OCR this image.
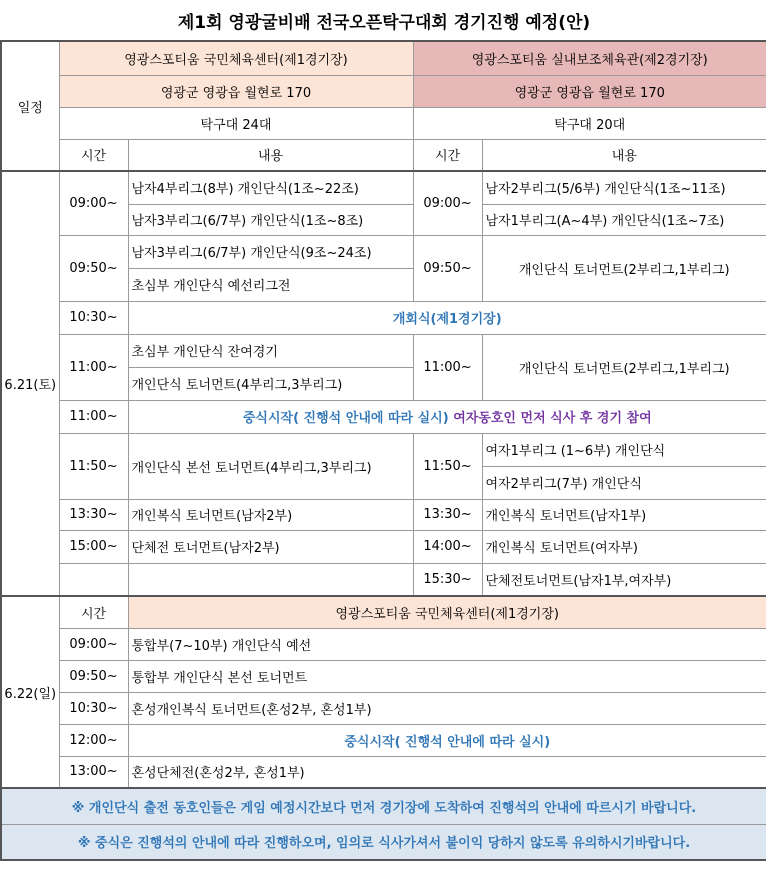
제1회 영광굴비배 전국오픈탁구대회 경기진행 예정(안)				
일정	영광스포티움 국민체육센터(제1경기장)		영광스포티움 실내보조체육관(제2경기장)	
	영광군 영광읍 월현로 170		영광군 영광읍 월현로 170	
	탁구대 24대		탁구대 20대	
	시간	내용	시간	내용
6.21(토)	09:00~	남자4부리그(8부) 개인단식(1조~22조)	09:00~	남자2부리그(5/6부) 개인단식(1조~11조)
		남자3부리그(6/7부) 개인단식(1조~8조)		남자1부리그(A~4부) 개인단식(1조~7조)
	09:50~	남자3부리그(6/7부) 개인단식(9조~24조)	09:50~	개인단식 토너먼트(2부리그,1부리그)
		초심부 개인단식 예선리그전		
	10:30~	개회식(제1경기장)		
	11:00~	초심부 개인단식 잔여경기	11:00~	개인단식 토너먼트(2부리그,1부리그)
		개인단식 토너먼트(4부리그,3부리그)		
	11:00~	중식시작( 진행석 안내에 따라 실시) 여자동호인 먼저 식사 후 경기 참여		
	11:50~	개인단식 본선 토너먼트(4부리그,3부리그)	11:50~	여자1부리그 (1~6부) 개인단식
				여자2부리그(7부) 개인단식
	13:30~	개인복식 토너먼트(남자2부)	13:30~	개인복식 토너먼트(남자1부)
	15:00~	단체전 토너먼트(남자2부)	14:00~	개인복식 토너먼트(여자부)
			15:30~	단체전토너먼트(남자1부,여자부)
6.22(일)	시간	영광스포티움 국민체육센터(제1경기장)		
	09:00~	통합부(7~10부) 개인단식 예선		
	09:50~	통합부 개인단식 본선 토너먼트		
	10:30~	혼성개인복식 토너먼트(혼성2부, 혼성1부)		
	12:00~	중식시작( 진행석 안내에 따라 실시)		
	13:00~	혼성단체전(혼성2부, 혼성1부)		
※ 개인단식 출전 동호인들은 게임 예정시간보다 먼저 경기장에 도착하여 진행석의 안내에 따르시기 바랍니다.				
※ 중식은 진행석의 안내에 따라 진행하오며, 임의로 식사가셔서 불이익 당하지 않도록 유의하시기바랍니다.				
